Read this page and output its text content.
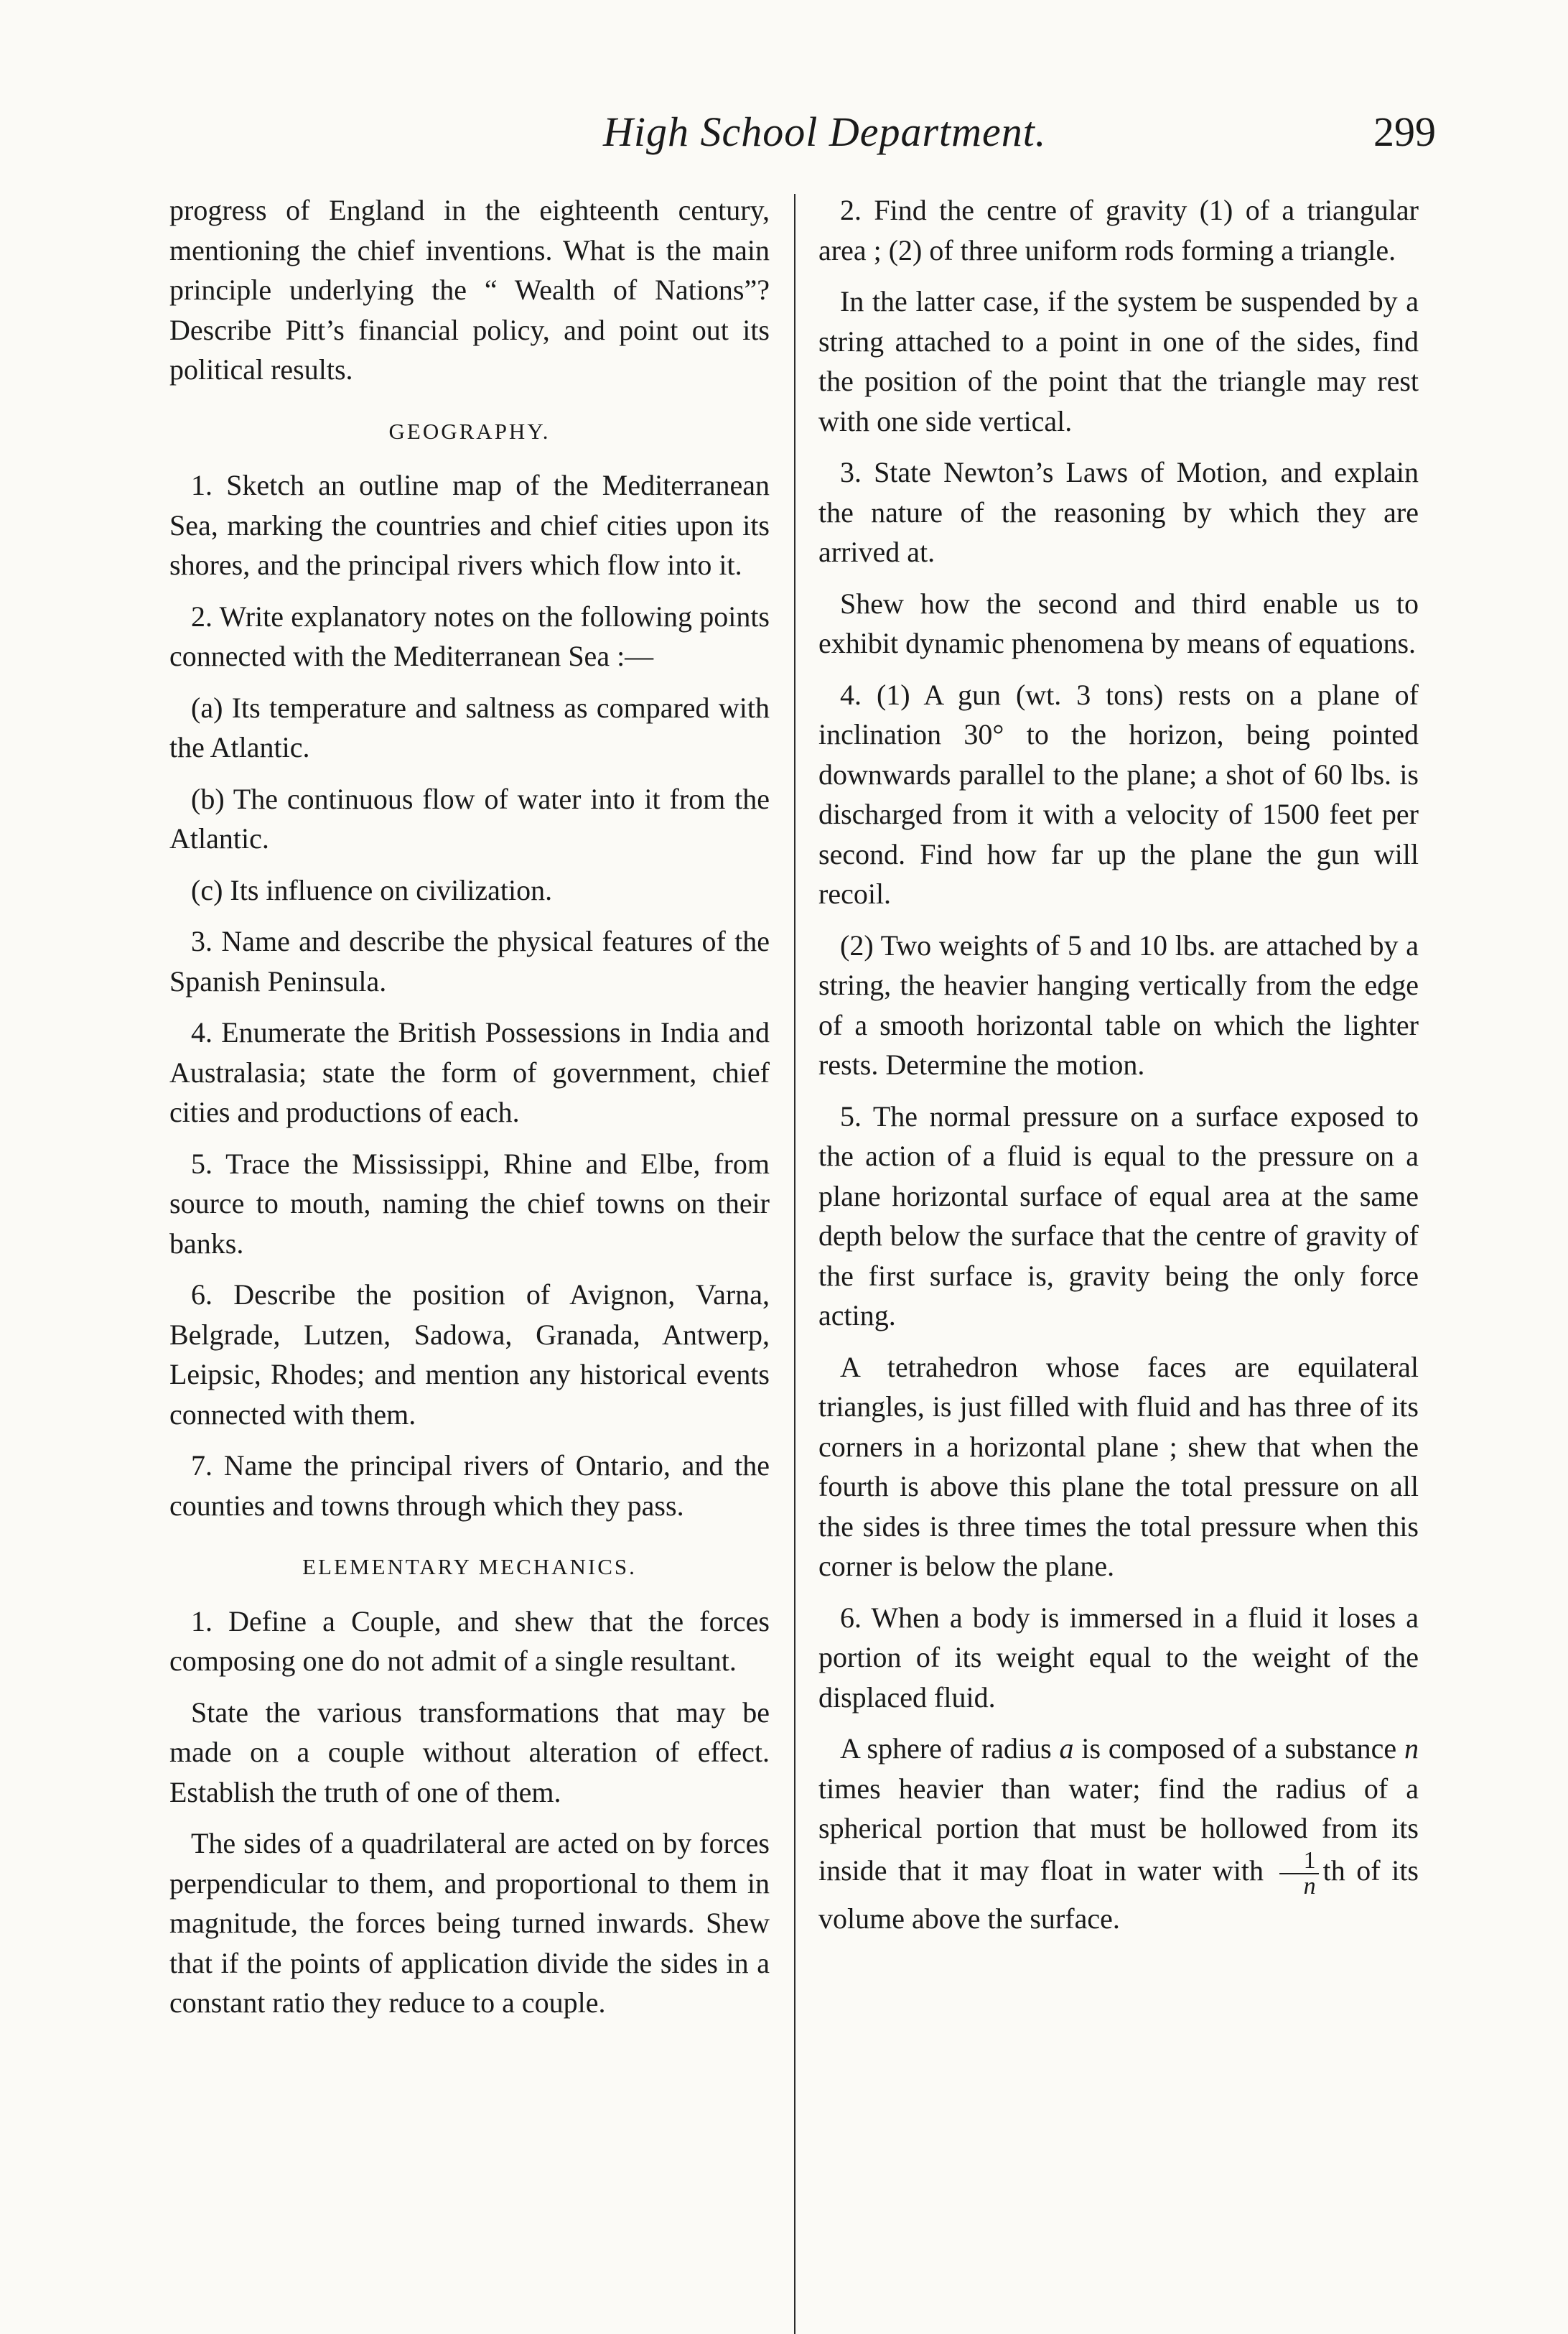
High School Department.	299

progress of England in the eighteenth century, mentioning the chief inventions. What is the main principle underlying the “ Wealth of Nations”? Describe Pitt’s financial policy, and point out its political results.

GEOGRAPHY.

1. Sketch an outline map of the Mediterranean Sea, marking the countries and chief cities upon its shores, and the principal rivers which flow into it.

2. Write explanatory notes on the following points connected with the Mediterranean Sea :—

(a) Its temperature and saltness as compared with the Atlantic.

(b) The continuous flow of water into it from the Atlantic.

(c) Its influence on civilization.

3. Name and describe the physical features of the Spanish Peninsula.

4. Enumerate the British Possessions in India and Australasia; state the form of government, chief cities and productions of each.

5. Trace the Mississippi, Rhine and Elbe, from source to mouth, naming the chief towns on their banks.

6. Describe the position of Avignon, Varna, Belgrade, Lutzen, Sadowa, Granada, Antwerp, Leipsic, Rhodes; and mention any historical events connected with them.

7. Name the principal rivers of Ontario, and the counties and towns through which they pass.

ELEMENTARY MECHANICS.

1. Define a Couple, and shew that the forces composing one do not admit of a single resultant.

State the various transformations that may be made on a couple without alteration of effect. Establish the truth of one of them.

The sides of a quadrilateral are acted on by forces perpendicular to them, and proportional to them in magnitude, the forces being turned inwards. Shew that if the points of application divide the sides in a constant ratio they reduce to a couple.

2. Find the centre of gravity (1) of a triangular area ; (2) of three uniform rods forming a triangle.

In the latter case, if the system be suspended by a string attached to a point in one of the sides, find the position of the point that the triangle may rest with one side vertical.

3. State Newton’s Laws of Motion, and explain the nature of the reasoning by which they are arrived at.

Shew how the second and third enable us to exhibit dynamic phenomena by means of equations.

4. (1) A gun (wt. 3 tons) rests on a plane of inclination 30° to the horizon, being pointed downwards parallel to the plane; a shot of 60 lbs. is discharged from it with a velocity of 1500 feet per second. Find how far up the plane the gun will recoil.

(2) Two weights of 5 and 10 lbs. are attached by a string, the heavier hanging vertically from the edge of a smooth horizontal table on which the lighter rests. Determine the motion.

5. The normal pressure on a surface exposed to the action of a fluid is equal to the pressure on a plane horizontal surface of equal area at the same depth below the surface that the centre of gravity of the first surface is, gravity being the only force acting.

A tetrahedron whose faces are equilateral triangles, is just filled with fluid and has three of its corners in a horizontal plane ; shew that when the fourth is above this plane the total pressure on all the sides is three times the total pressure when this corner is below the plane.

6. When a body is immersed in a fluid it loses a portion of its weight equal to the weight of the displaced fluid.

A sphere of radius a is composed of a substance n times heavier than water; find the radius of a spherical portion that must be hollowed from its inside that it may float in water with $\frac{1}{n}$ th of its volume above the surface.
